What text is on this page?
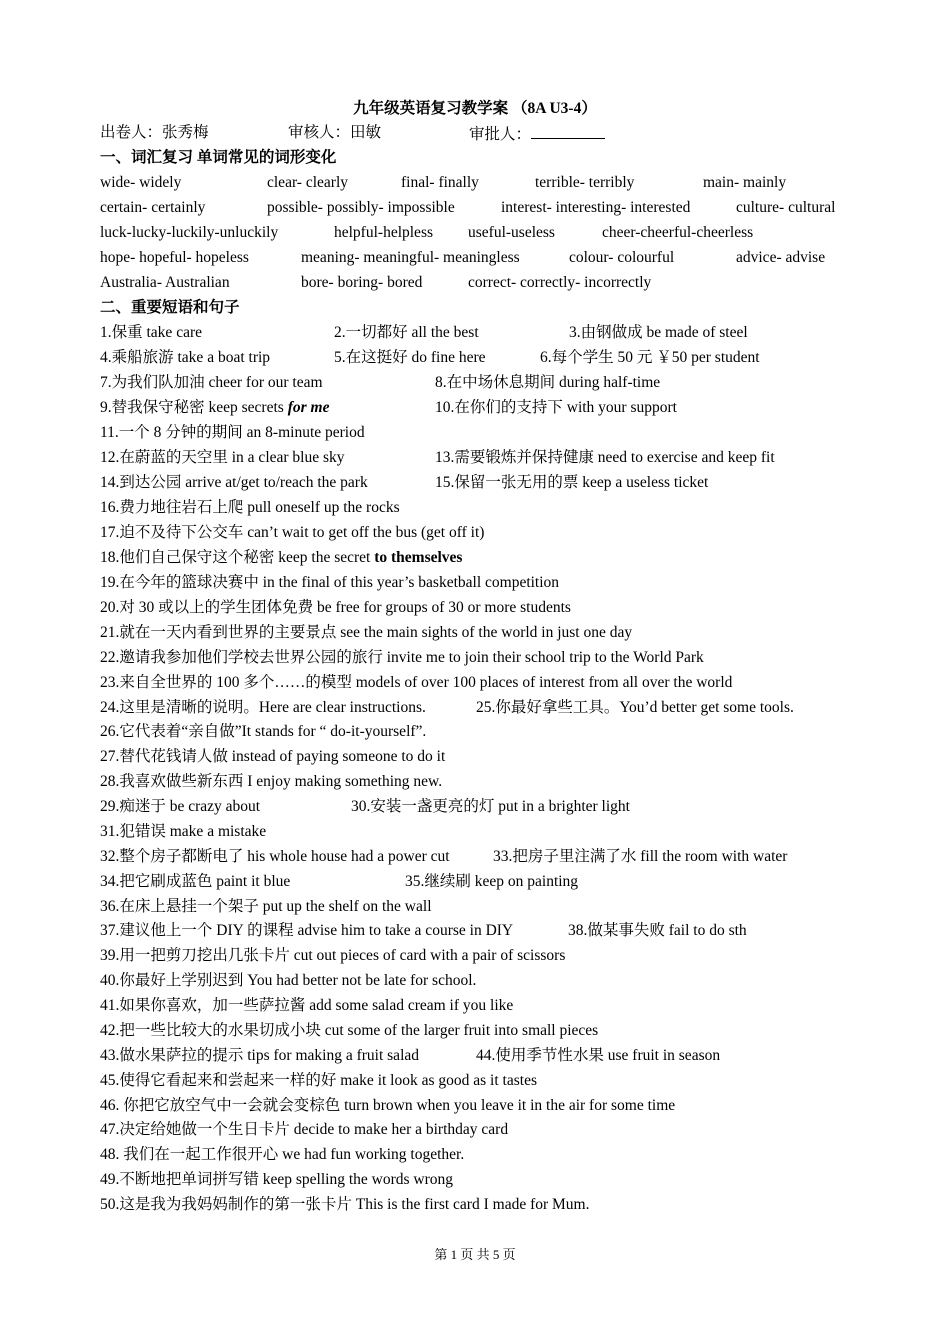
九年级英语复习教学案 （8A U3-4）
出卷人：张秀梅	审核人：田敏	审批人：
一、词汇复习 单词常见的词形变化
wide- widely	clear- clearly	final- finally	terrible- terribly	main- mainly
certain- certainly	possible- possibly- impossible	interest- interesting- interested	culture- cultural
luck-lucky-luckily-unluckily	helpful-helpless useful-useless	cheer-cheerful-cheerless
hope- hopeful- hopeless	meaning- meaningful- meaningless	colour- colourful	advice- advise
Australia- Australian	bore- boring- bored	correct- correctly- incorrectly
二、重要短语和句子
1.保重 take care	2.一切都好 all the best	3.由钢做成 be made of steel
4.乘船旅游 take a boat trip	5.在这挺好 do fine here	6.每个学生 50 元 ￥50 per student
7.为我们队加油 cheer for our team	8.在中场休息期间 during half-time
9.替我保守秘密 keep secrets for me	10.在你们的支持下 with your support
11.一个 8 分钟的期间 an 8-minute period
12.在蔚蓝的天空里 in a clear blue sky	13.需要锻炼并保持健康 need to exercise and keep fit
14.到达公园 arrive at/get to/reach the park	15.保留一张无用的票 keep a useless ticket
16.费力地往岩石上爬 pull oneself up the rocks
17.迫不及待下公交车 can’t wait to get off the bus (get off it)
18.他们自己保守这个秘密 keep the secret to themselves
19.在今年的篮球决赛中 in the final of this year’s basketball competition
20.对 30 或以上的学生团体免费 be free for groups of 30 or more students
21.就在一天内看到世界的主要景点 see the main sights of the world in just one day
22.邀请我参加他们学校去世界公园的旅行 invite me to join their school trip to the World Park
23.来自全世界的 100 多个……的模型 models of over 100 places of interest from all over the world
24.这里是清晰的说明。Here are clear instructions.	25.你最好拿些工具。You’d better get some tools.
26.它代表着“亲自做”It stands for “ do-it-yourself”.
27.替代花钱请人做 instead of paying someone to do it
28.我喜欢做些新东西 I enjoy making something new.
29.痴迷于 be crazy about	30.安装一盏更亮的灯 put in a brighter light
31.犯错误 make a mistake
32.整个房子都断电了 his whole house had a power cut	33.把房子里注满了水 fill the room with water
34.把它刷成蓝色 paint it blue	35.继续刷 keep on painting
36.在床上悬挂一个架子 put up the shelf on the wall
37.建议他上一个 DIY 的课程 advise him to take a course in DIY	38.做某事失败 fail to do sth
39.用一把剪刀挖出几张卡片 cut out pieces of card with a pair of scissors
40.你最好上学别迟到 You had better not be late for school.
41.如果你喜欢，加一些萨拉酱 add some salad cream if you like
42.把一些比较大的水果切成小块 cut some of the larger fruit into small pieces
43.做水果萨拉的提示 tips for making a fruit salad	44.使用季节性水果 use fruit in season
45.使得它看起来和尝起来一样的好 make it look as good as it tastes
46. 你把它放空气中一会就会变棕色 turn brown when you leave it in the air for some time
47.决定给她做一个生日卡片 decide to make her a birthday card
48. 我们在一起工作很开心 we had fun working together.
49.不断地把单词拼写错 keep spelling the words wrong
50.这是我为我妈妈制作的第一张卡片 This is the first card I made for Mum.
第 1 页 共 5 页
